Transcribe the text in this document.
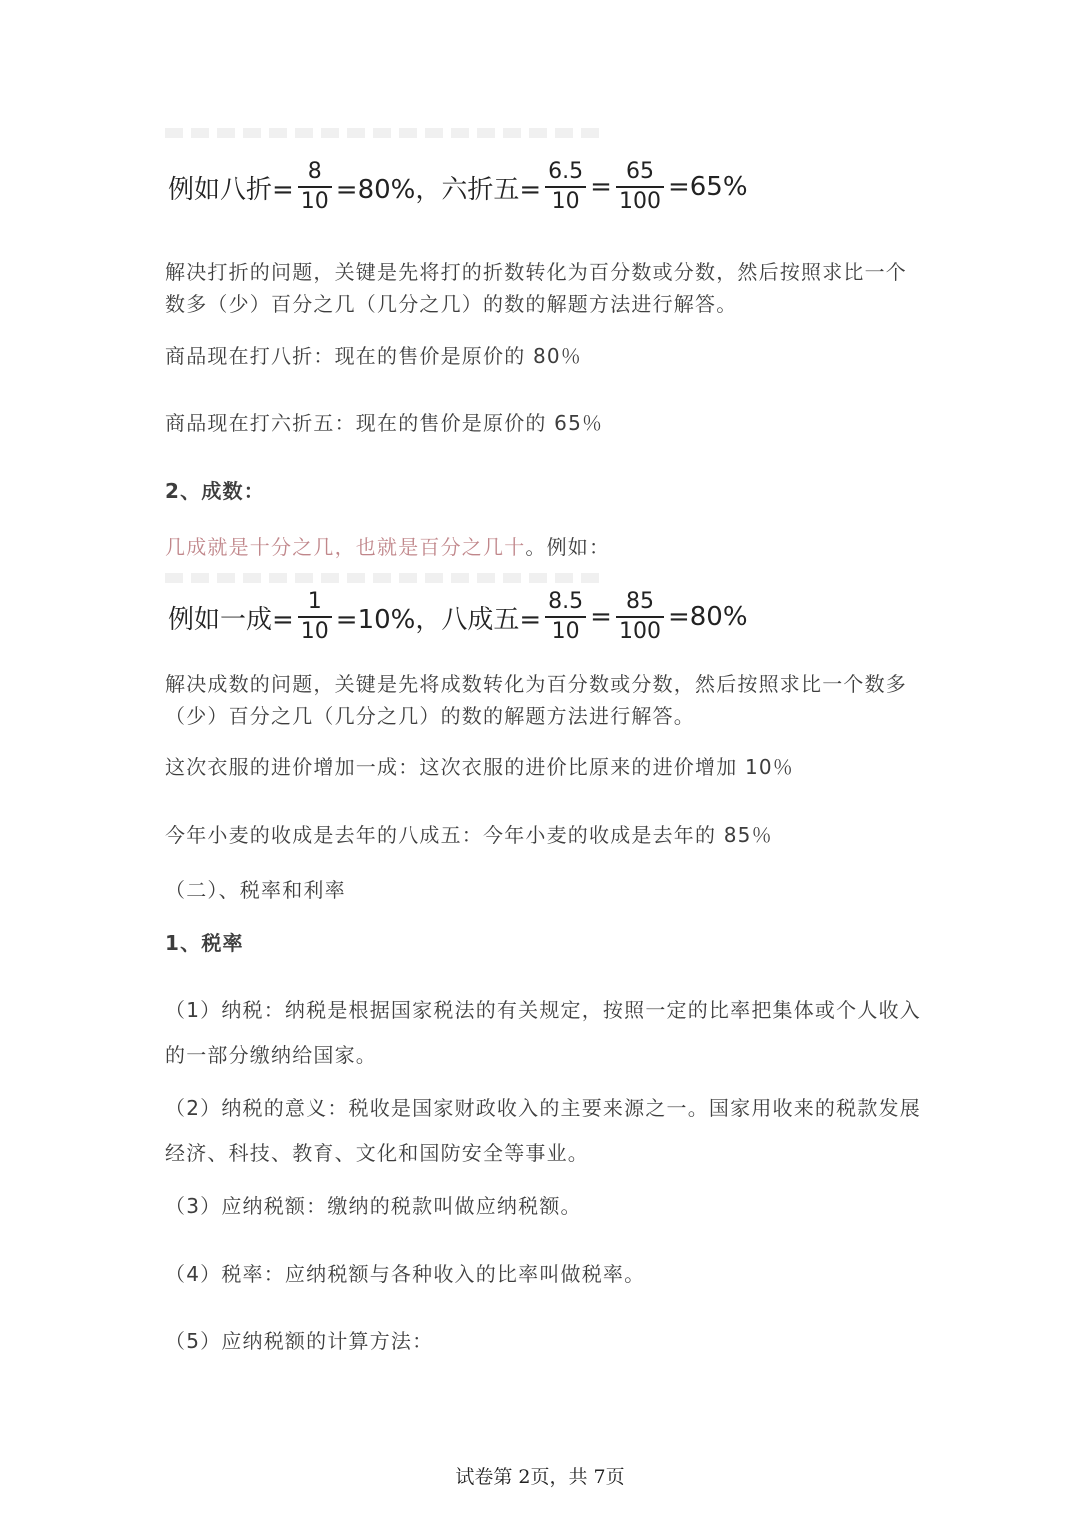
例如八折= $\frac{8}{10} =80\%$，六折五= $\frac{6.5}{10} = \frac{65}{100} =65\%$
解决打折的问题，关键是先将打的折数转化为百分数或分数，然后按照求比一个
数多（少）百分之几（几分之几）的数的解题方法进行解答。
商品现在打八折：现在的售价是原价的 80％
商品现在打六折五：现在的售价是原价的 65％
2、成数：
几成就是十分之几，也就是百分之几十。例如：
例如一成= $\frac{1}{10} =10\%$，八成五= $\frac{8.5}{10} = \frac{85}{100} =80\%$
解决成数的问题，关键是先将成数转化为百分数或分数，然后按照求比一个数多
（少）百分之几（几分之几）的数的解题方法进行解答。
这次衣服的进价增加一成：这次衣服的进价比原来的进价增加 10％
今年小麦的收成是去年的八成五：今年小麦的收成是去年的 85％
（二）、税率和利率
1、税率
（1）纳税：纳税是根据国家税法的有关规定，按照一定的比率把集体或个人收入
的一部分缴纳给国家。
（2）纳税的意义：税收是国家财政收入的主要来源之一。国家用收来的税款发展
经济、科技、教育、文化和国防安全等事业。
（3）应纳税额：缴纳的税款叫做应纳税额。
（4）税率：应纳税额与各种收入的比率叫做税率。
（5）应纳税额的计算方法：
试卷第 2页，共 7页
